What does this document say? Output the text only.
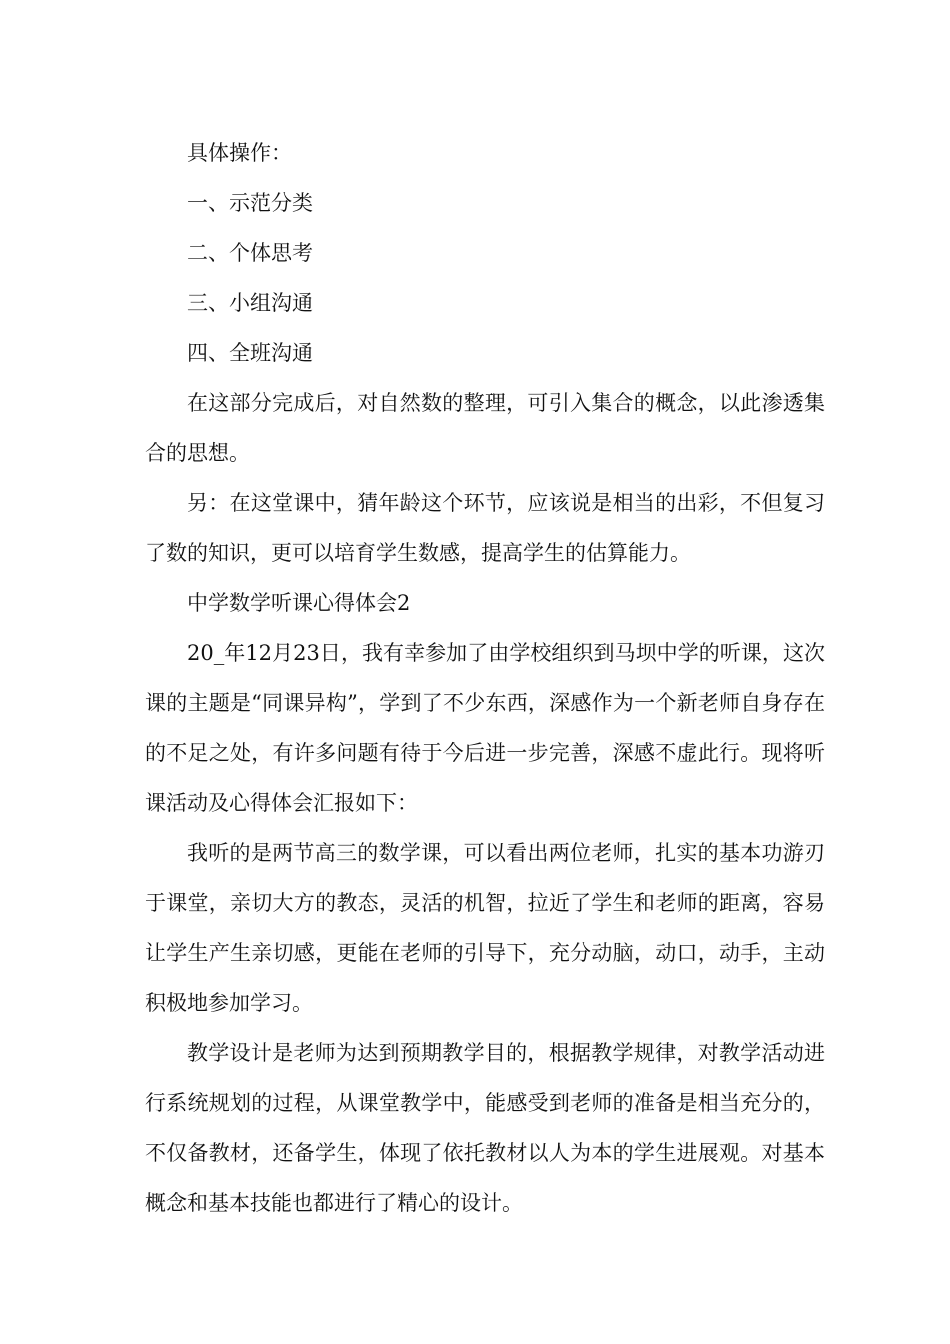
具体操作：

一、示范分类

二、个体思考

三、小组沟通

四、全班沟通

在这部分完成后，对自然数的整理，可引入集合的概念，以此渗透集合的思想。

另：在这堂课中，猜年龄这个环节，应该说是相当的出彩，不但复习了数的知识，更可以培育学生数感，提高学生的估算能力。

中学数学听课心得体会2

20_年12月23日，我有幸参加了由学校组织到马坝中学的听课，这次课的主题是“同课异构”，学到了不少东西，深感作为一个新老师自身存在的不足之处，有许多问题有待于今后进一步完善，深感不虚此行。现将听课活动及心得体会汇报如下：

我听的是两节高三的数学课，可以看出两位老师，扎实的基本功游刃于课堂，亲切大方的教态，灵活的机智，拉近了学生和老师的距离，容易让学生产生亲切感，更能在老师的引导下，充分动脑，动口，动手，主动积极地参加学习。

教学设计是老师为达到预期教学目的，根据教学规律，对教学活动进行系统规划的过程，从课堂教学中，能感受到老师的准备是相当充分的，不仅备教材，还备学生，体现了依托教材以人为本的学生进展观。对基本概念和基本技能也都进行了精心的设计。
